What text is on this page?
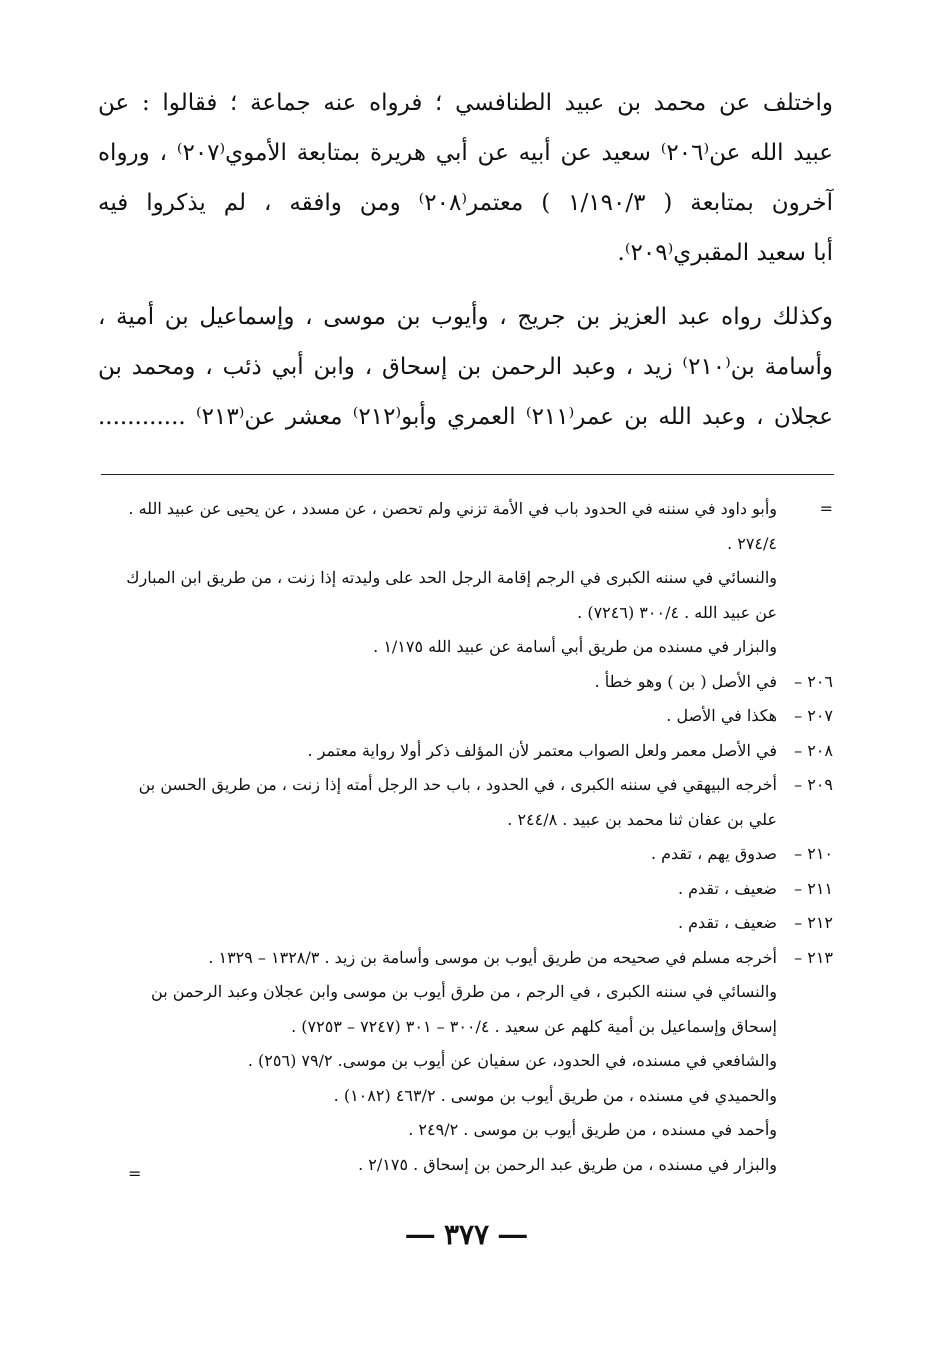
واختلف عن محمد بن عبيد الطنافسي ؛ فرواه عنه جماعة ؛ فقالوا : عن
عبيد الله عن⁽٢٠٦⁾ سعيد عن أبيه عن أبي هريرة بمتابعة الأموي⁽٢٠٧⁾ ، ورواه
آخرون بمتابعة ( ١/١٩٠/٣ ) معتمر⁽٢٠٨⁾ ومن وافقه ، لم يذكروا فيه
أبا سعيد المقبري⁽٢٠٩⁾.
وكذلك رواه عبد العزيز بن جريج ، وأيوب بن موسى ، وإسماعيل بن أمية ،
وأسامة بن⁽٢١٠⁾ زيد ، وعبد الرحمن بن إسحاق ، وابن أبي ذئب ، ومحمد بن
عجلان ، وعبد الله بن عمر⁽٢١١⁾ العمري وأبو⁽٢١٢⁾ معشر عن⁽٢١٣⁾ ............
=
وأبو داود في سننه في الحدود باب في الأمة تزني ولم تحصن ، عن مسدد ، عن يحيى عن عبيد الله .
٢٧٤/٤ .
والنسائي في سننه الكبرى في الرجم إقامة الرجل الحد على وليدته إذا زنت ، من طريق ابن المبارك
عن عبيد الله . ٣٠٠/٤ (٧٢٤٦) .
والبزار في مسنده من طريق أبي أسامة عن عبيد الله ١/١٧٥ .
٢٠٦ –
في الأصل ( بن ) وهو خطأ .
٢٠٧ –
هكذا في الأصل .
٢٠٨ –
في الأصل معمر ولعل الصواب معتمر لأن المؤلف ذكر أولا رواية معتمر .
٢٠٩ –
أخرجه البيهقي في سننه الكبرى ، في الحدود ، باب حد الرجل أمته إذا زنت ، من طريق الحسن بن
علي بن عفان ثنا محمد بن عبيد . ٢٤٤/٨ .
٢١٠ –
صدوق يهم ، تقدم .
٢١١ –
ضعيف ، تقدم .
٢١٢ –
ضعيف ، تقدم .
٢١٣ –
أخرجه مسلم في صحيحه من طريق أيوب بن موسى وأسامة بن زيد . ١٣٢٨/٣ – ١٣٢٩ .
والنسائي في سننه الكبرى ، في الرجم ، من طرق أيوب بن موسى وابن عجلان وعبد الرحمن بن
إسحاق وإسماعيل بن أمية كلهم عن سعيد . ٣٠٠/٤ – ٣٠١ (٧٢٤٧ – ٧٢٥٣) .
والشافعي في مسنده، في الحدود، عن سفيان عن أيوب بن موسى. ٧٩/٢ (٢٥٦) .
والحميدي في مسنده ، من طريق أيوب بن موسى . ٤٦٣/٢ (١٠٨٢) .
وأحمد في مسنده ، من طريق أيوب بن موسى . ٢٤٩/٢ .
والبزار في مسنده ، من طريق عبد الرحمن بن إسحاق . ٢/١٧٥ .
=
― ٣٧٧ ―
